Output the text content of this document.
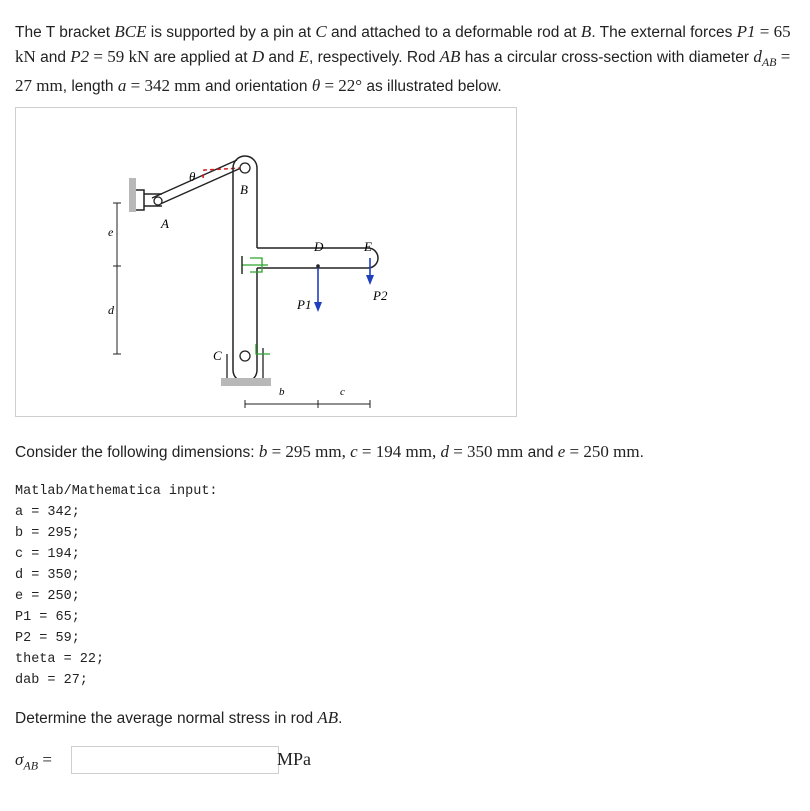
The T bracket BCE is supported by a pin at C and attached to a deformable rod at B. The external forces P1 = 65 kN and P2 = 59 kN are applied at D and E, respectively. Rod AB has a circular cross-section with diameter $d_{AB} = 27$ mm, length a = 342 mm and orientation θ = 22° as illustrated below.
θ
B
A
e
d
D	E
P1
P2
C
b	c
Consider the following dimensions: b = 295 mm, c = 194 mm, d = 350 mm and e = 250 mm.
Matlab/Mathematica input:
a = 342;
b = 295;
c = 194;
d = 350;
e = 250;
P1 = 65;
P2 = 59;
theta = 22;
dab = 27;
Determine the average normal stress in rod AB.
$\sigma_{AB}$ =	MPa
